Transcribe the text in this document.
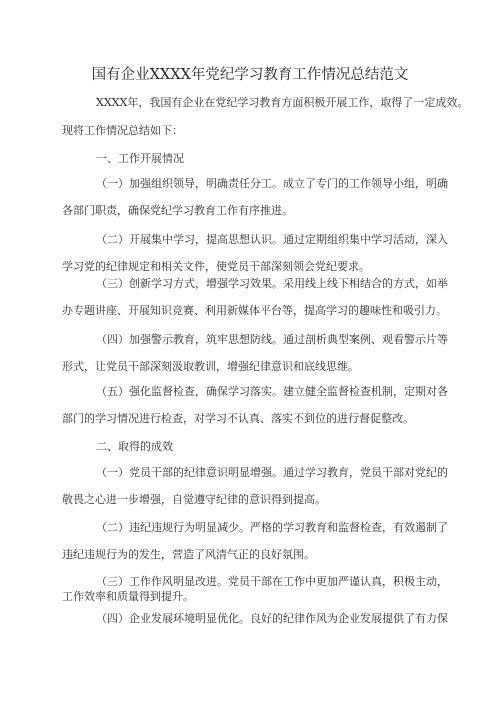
国有企业XXXX年党纪学习教育工作情况总结范文
XXXX年，我国有企业在党纪学习教育方面积极开展工作，取得了一定成效。
现将工作情况总结如下：
一、工作开展情况
（一）加强组织领导，明确责任分工。成立了专门的工作领导小组，明确
各部门职责，确保党纪学习教育工作有序推进。
（二）开展集中学习，提高思想认识。通过定期组织集中学习活动，深入
学习党的纪律规定和相关文件，使党员干部深刻领会党纪要求。
（三）创新学习方式，增强学习效果。采用线上线下相结合的方式，如举
办专题讲座、开展知识竞赛、利用新媒体平台等，提高学习的趣味性和吸引力。
（四）加强警示教育，筑牢思想防线。通过剖析典型案例、观看警示片等
形式，让党员干部深刻汲取教训，增强纪律意识和底线思维。
（五）强化监督检查，确保学习落实。建立健全监督检查机制，定期对各
部门的学习情况进行检查，对学习不认真、落实不到位的进行督促整改。
二、取得的成效
（一）党员干部的纪律意识明显增强。通过学习教育，党员干部对党纪的
敬畏之心进一步增强，自觉遵守纪律的意识得到提高。
（二）违纪违规行为明显减少。严格的学习教育和监督检查，有效遏制了
违纪违规行为的发生，营造了风清气正的良好氛围。
（三）工作作风明显改进。党员干部在工作中更加严谨认真，积极主动，
工作效率和质量得到提升。
（四）企业发展环境明显优化。良好的纪律作风为企业发展提供了有力保
